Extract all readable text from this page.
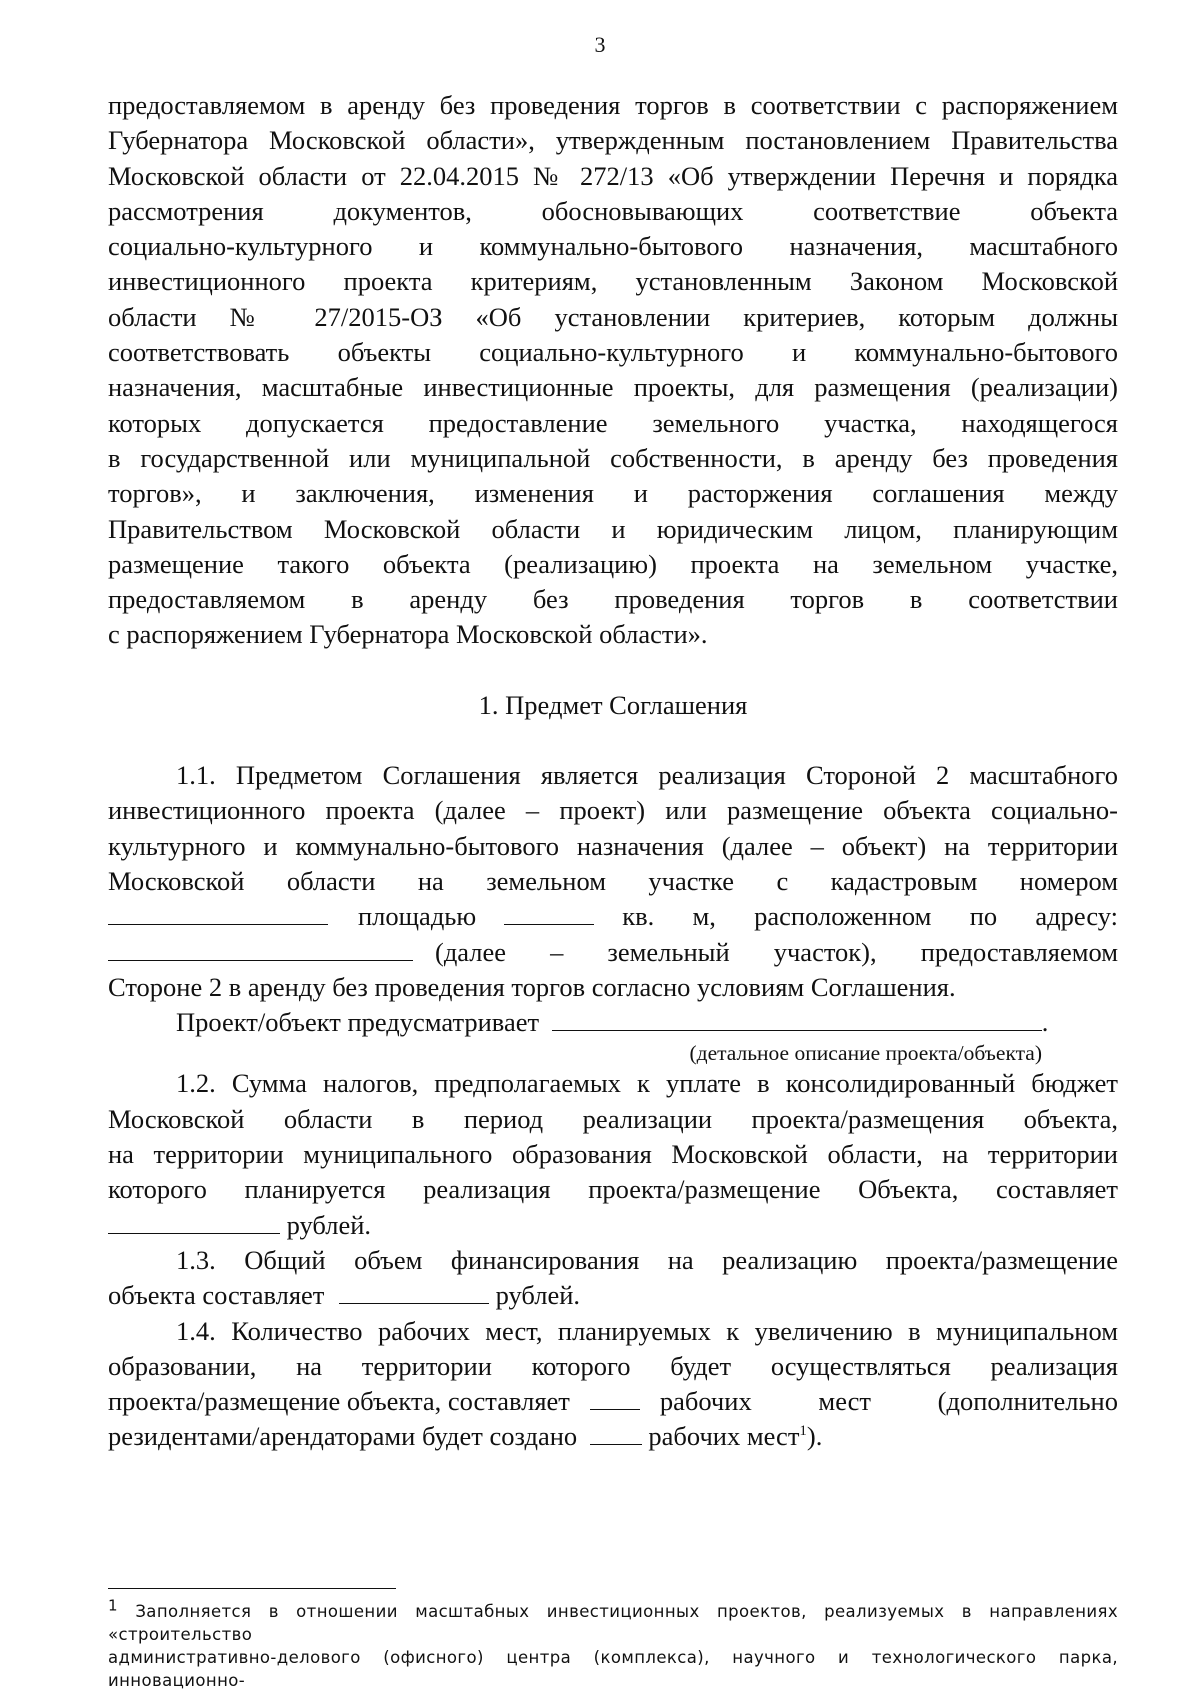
3

предоставляемом в аренду без проведения торгов в соответствии с распоряжением

Губернатора Московской области», утвержденным постановлением Правительства

Московской области от 22.04.2015 № 272/13 «Об утверждении Перечня и порядка

рассмотрения документов, обосновывающих соответствие объекта

социально-культурного и коммунально-бытового назначения, масштабного

инвестиционного проекта критериям, установленным Законом Московской

области № 27/2015-ОЗ «Об установлении критериев, которым должны

соответствовать объекты социально-культурного и коммунально-бытового

назначения, масштабные инвестиционные проекты, для размещения (реализации)

которых допускается предоставление земельного участка, находящегося

в государственной или муниципальной собственности, в аренду без проведения

торгов», и заключения, изменения и расторжения соглашения между

Правительством Московской области и юридическим лицом, планирующим

размещение такого объекта (реализацию) проекта на земельном участке,

предоставляемом в аренду без проведения торгов в соответствии

с распоряжением Губернатора Московской области».

1. Предмет Соглашения

1.1. Предметом Соглашения является реализация Стороной 2 масштабного

инвестиционного проекта (далее – проект) или размещение объекта социально-

культурного и коммунально-бытового назначения (далее – объект) на территории

Московской области на земельном участке с кадастровым номером

площадью	кв. м, расположенном по адресу:

(далее – земельный участок), предоставляемом

Стороне 2 в аренду без проведения торгов согласно условиям Соглашения.

Проект/объект предусматривает	.

(детальное описание проекта/объекта)

1.2. Сумма налогов, предполагаемых к уплате в консолидированный бюджет

Московской области в период реализации проекта/размещения объекта,

на территории муниципального образования Московской области, на территории

которого планируется реализация проекта/размещение Объекта, составляет

рублей.

1.3. Общий объем финансирования на реализацию проекта/размещение

объекта составляет	рублей.

1.4. Количество рабочих мест, планируемых к увеличению в муниципальном

образовании, на территории которого будет осуществляться реализация

проекта/размещение объекта, составляет	рабочих мест (дополнительно

резидентами/арендаторами будет создано	рабочих мест$^1$).

$^1$ Заполняется в отношении масштабных инвестиционных проектов, реализуемых в направлениях «строительство

административно-делового (офисного) центра (комплекса), научного и технологического парка, инновационно-
